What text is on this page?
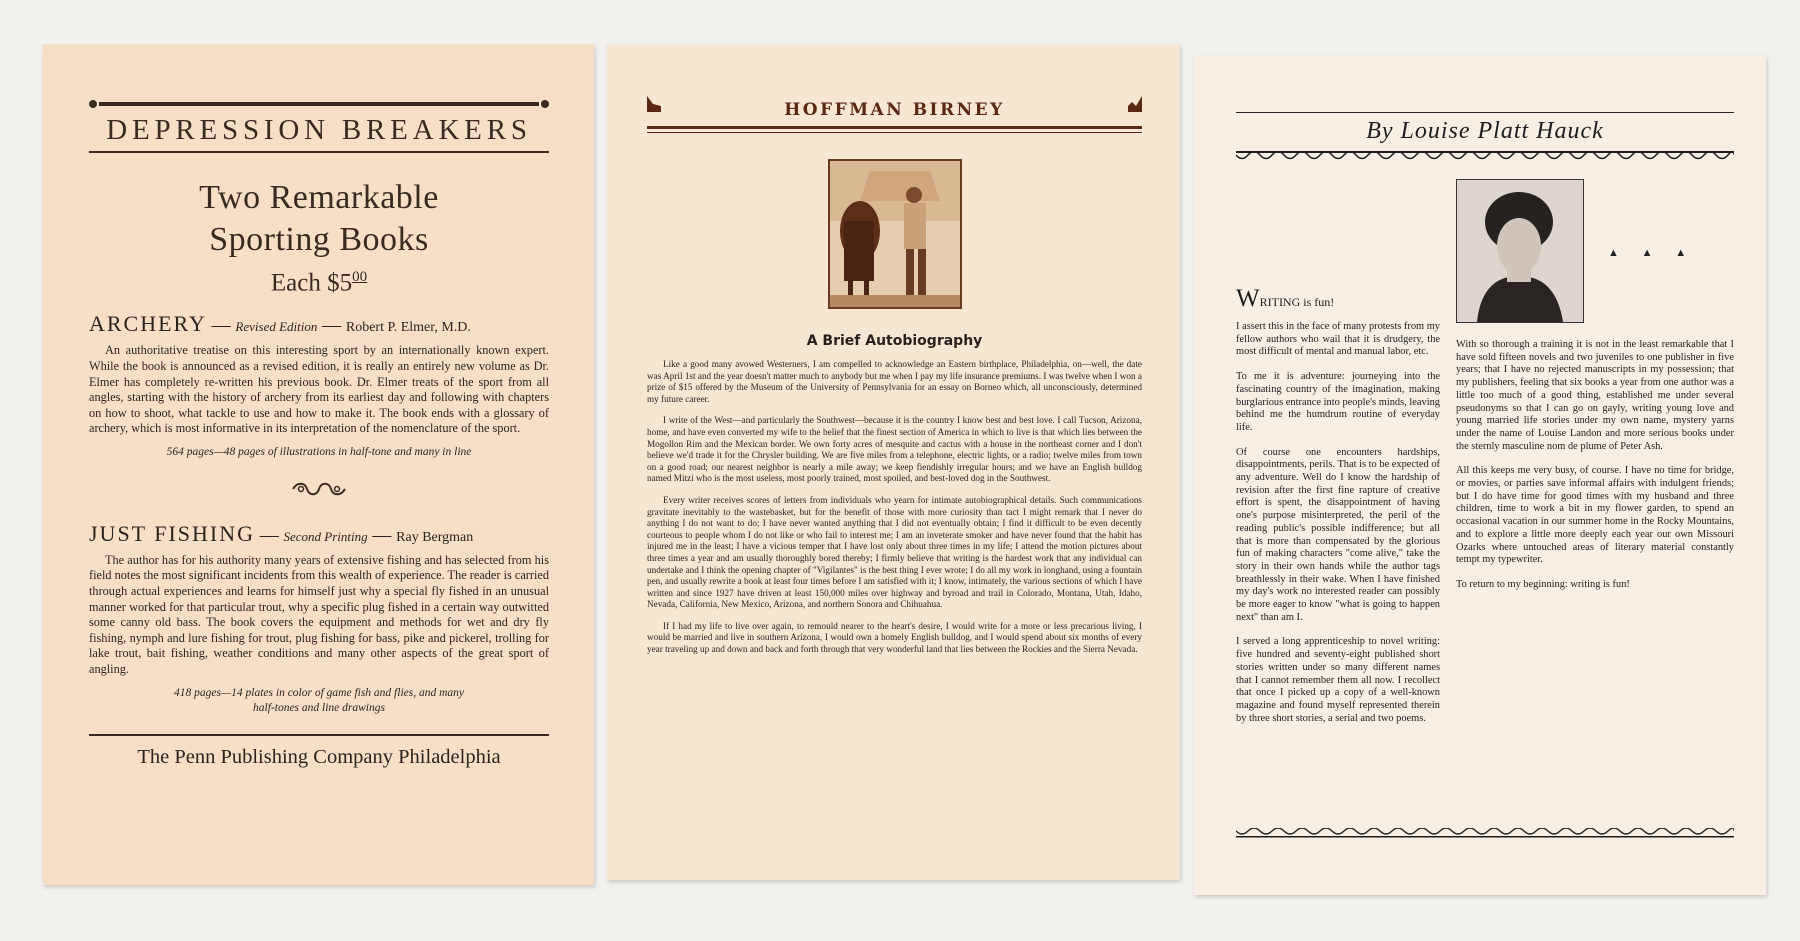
DEPRESSION BREAKERS
Two Remarkable
Sporting Books
Each $\$5^{00}$
ARCHERY — Revised Edition — Robert P. Elmer, M.D.

An authoritative treatise on this interesting sport by an internationally known expert. While the book is announced as a revised edition, it is really an entirely new volume as Dr. Elmer has completely re-written his previous book. Dr. Elmer treats of the sport from all angles, starting with the history of archery from its earliest day and following with chapters on how to shoot, what tackle to use and how to make it. The book ends with a glossary of archery, which is most informative in its interpretation of the nomenclature of the sport.

564 pages—48 pages of illustrations in half-tone and many in line
JUST FISHING — Second Printing — Ray Bergman

The author has for his authority many years of extensive fishing and has selected from his field notes the most significant incidents from this wealth of experience. The reader is carried through actual experiences and learns for himself just why a special fly fished in an unusual manner worked for that particular trout, why a specific plug fished in a certain way outwitted some canny old bass. The book covers the equipment and methods for wet and dry fly fishing, nymph and lure fishing for trout, plug fishing for bass, pike and pickerel, trolling for lake trout, bait fishing, weather conditions and many other aspects of the great sport of angling.

418 pages—14 plates in color of game fish and flies, and many
half-tones and line drawings
The Penn Publishing Company Philadelphia
HOFFMAN BIRNEY
A Brief Autobiography

Like a good many avowed Westerners, I am compelled to acknowledge an Eastern birthplace, Philadelphia, on—well, the date was April 1st and the year doesn't matter much to anybody but me when I pay my life insurance premiums. I was twelve when I won a prize of $15 offered by the Museum of the University of Pennsylvania for an essay on Borneo which, all unconsciously, determined my future career.

I write of the West—and particularly the Southwest—because it is the country I know best and best love. I call Tucson, Arizona, home, and have even converted my wife to the belief that the finest section of America in which to live is that which lies between the Mogollon Rim and the Mexican border. We own forty acres of mesquite and cactus with a house in the northeast corner and I don't believe we'd trade it for the Chrysler building. We are five miles from a telephone, electric lights, or a radio; twelve miles from town on a good road; our nearest neighbor is nearly a mile away; we keep fiendishly irregular hours; and we have an English bulldog named Mitzi who is the most useless, most poorly trained, most spoiled, and best-loved dog in the Southwest.

Every writer receives scores of letters from individuals who yearn for intimate autobiographical details. Such communications gravitate inevitably to the wastebasket, but for the benefit of those with more curiosity than tact I might remark that I never do anything I do not want to do; I have never wanted anything that I did not eventually obtain; I find it difficult to be even decently courteous to people whom I do not like or who fail to interest me; I am an inveterate smoker and have never found that the habit has injured me in the least; I have a vicious temper that I have lost only about three times in my life; I attend the motion pictures about three times a year and am usually thoroughly bored thereby; I firmly believe that writing is the hardest work that any individual can undertake and I think the opening chapter of "Vigilantes" is the best thing I ever wrote; I do all my work in longhand, using a fountain pen, and usually rewrite a book at least four times before I am satisfied with it; I know, intimately, the various sections of which I have written and since 1927 have driven at least 150,000 miles over highway and byroad and trail in Colorado, Montana, Utah, Idaho, Nevada, California, New Mexico, Arizona, and northern Sonora and Chihuahua.

If I had my life to live over again, to remould nearer to the heart's desire, I would write for a more or less precarious living, I would be married and live in southern Arizona, I would own a homely English bulldog, and I would spend about six months of every year traveling up and down and back and forth through that very wonderful land that lies between the Rockies and the Sierra Nevada.

By Louise Platt Hauck
WRITING is fun!

I assert this in the face of many protests from my fellow authors who wail that it is drudgery, the most difficult of mental and manual labor, etc.

To me it is adventure: journeying into the fascinating country of the imagination, making burglarious entrance into people's minds, leaving behind me the humdrum routine of everyday life.

Of course one encounters hardships, disappointments, perils. That is to be expected of any adventure. Well do I know the hardship of revision after the first fine rapture of creative effort is spent, the disappointment of having one's purpose misinterpreted, the peril of the reading public's possible indifference; but all that is more than compensated by the glorious fun of making characters "come alive," take the story in their own hands while the author tags breathlessly in their wake. When I have finished my day's work no interested reader can possibly be more eager to know "what is going to happen next" than am I.

I served a long apprenticeship to novel writing: five hundred and seventy-eight published short stories written under so many different names that I cannot remember them all now. I recollect that once I picked up a copy of a well-known magazine and found myself represented therein by three short stories, a serial and two poems.

▲ ▲ ▲

With so thorough a training it is not in the least remarkable that I have sold fifteen novels and two juveniles to one publisher in five years; that I have no rejected manuscripts in my possession; that my publishers, feeling that six books a year from one author was a little too much of a good thing, established me under several pseudonyms so that I can go on gayly, writing young love and young married life stories under my own name, mystery yarns under the name of Louise Landon and more serious books under the sternly masculine nom de plume of Peter Ash.

All this keeps me very busy, of course. I have no time for bridge, or movies, or parties save informal affairs with indulgent friends; but I do have time for good times with my husband and three children, time to work a bit in my flower garden, to spend an occasional vacation in our summer home in the Rocky Mountains, and to explore a little more deeply each year our own Missouri Ozarks where untouched areas of literary material constantly tempt my typewriter.

To return to my beginning: writing is fun!
